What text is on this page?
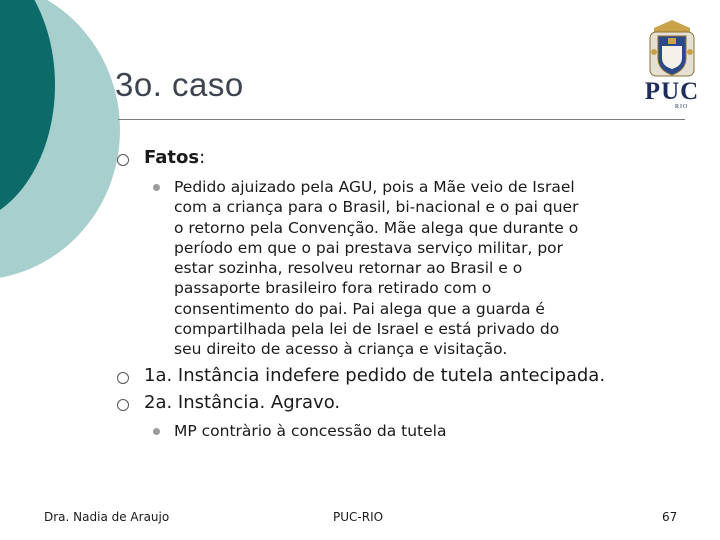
3o. caso	PUC
RIO
Fatos:
Pedido ajuizado pela AGU, pois a Mãe veio de Israel
com a criança para o Brasil, bi-nacional e o pai quer
o retorno pela Convenção. Mãe alega que durante o
período em que o pai prestava serviço militar, por
estar sozinha, resolveu retornar ao Brasil e o
passaporte brasileiro fora retirado com o
consentimento do pai. Pai alega que a guarda é
compartilhada pela lei de Israel e está privado do
seu direito de acesso à criança e visitação.
1a. Instância indefere pedido de tutela antecipada.
2a. Instância. Agravo.
MP contràrio à concessão da tutela
Dra. Nadia de Araujo	PUC-RIO	67
